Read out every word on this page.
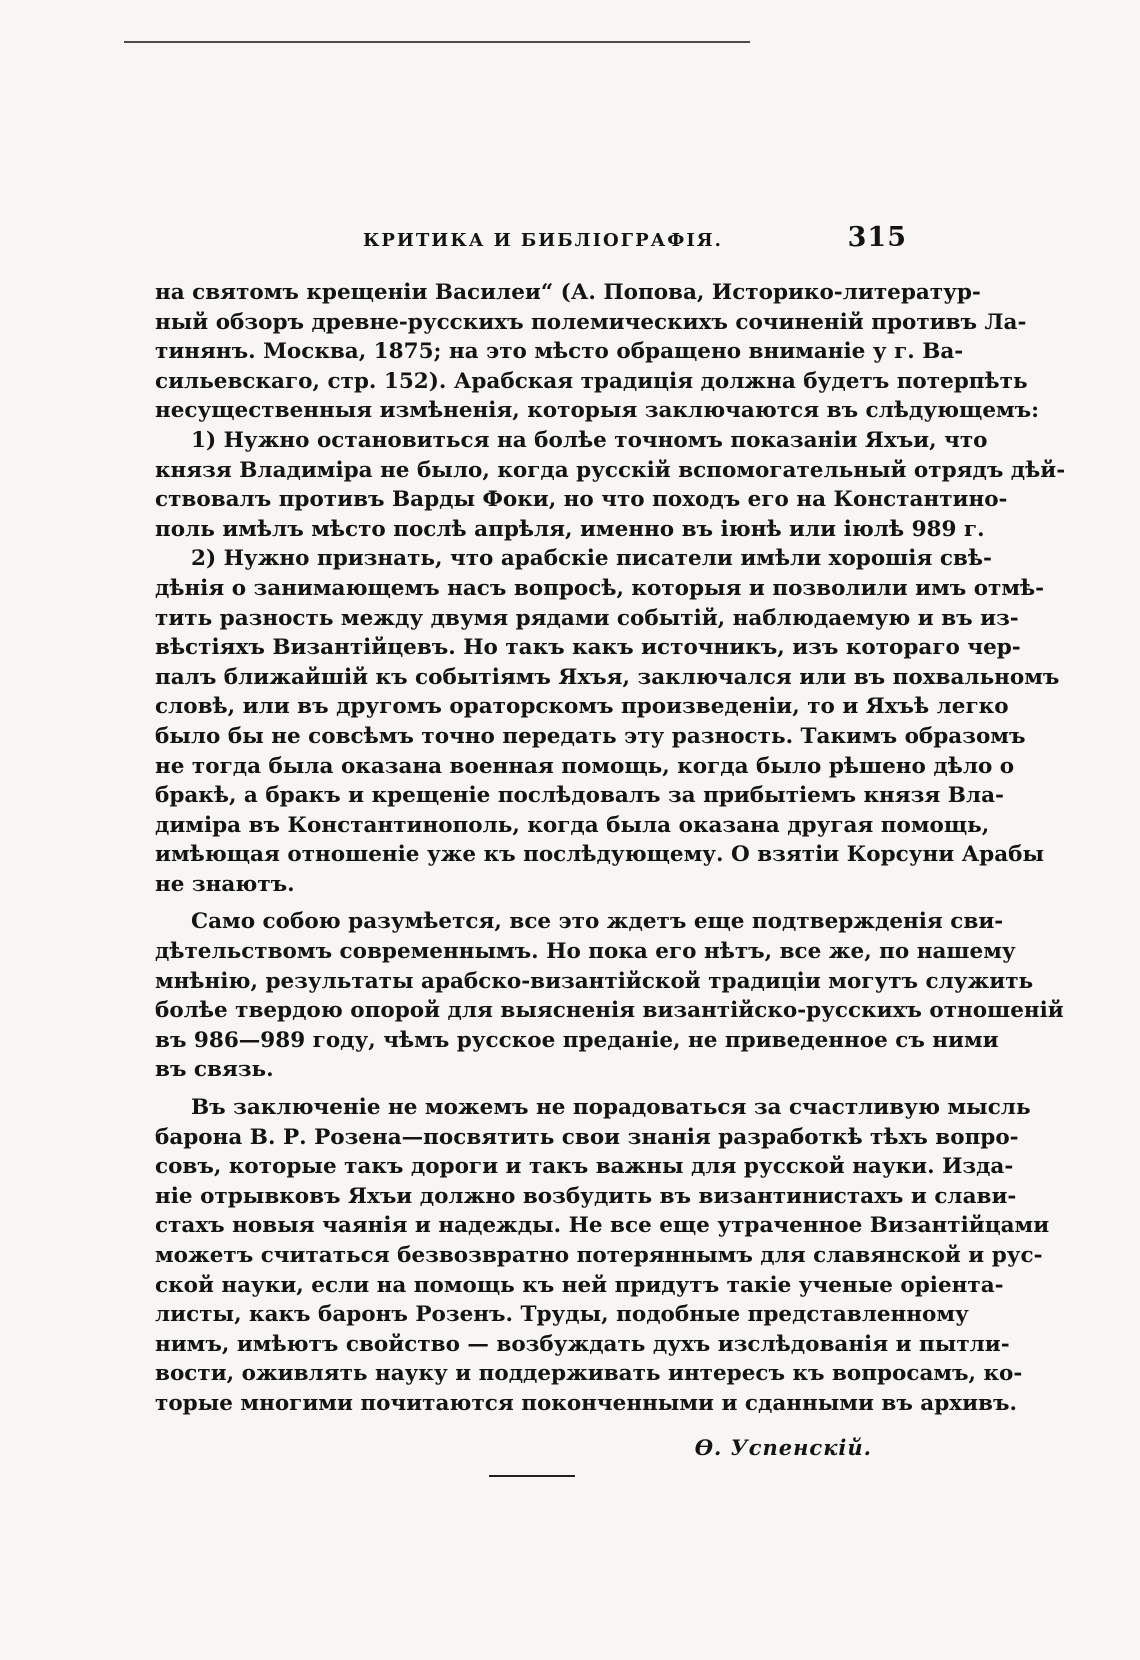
КРИТИКА И БИБЛІОГРАФІЯ.	315
на святомъ крещеніи Василеи“ (А. Попова, Историко-литератур-
ный обзоръ древне-русскихъ полемическихъ сочиненій противъ Ла-
тинянъ. Москва, 1875; на это мѣсто обращено вниманіе у г. Ва-
сильевскаго, стр. 152). Арабская традиція должна будетъ потерпѣть
несущественныя измѣненія, которыя заключаются въ слѣдующемъ:
1) Нужно остановиться на болѣе точномъ показаніи Яхъи, что
князя Владиміра не было, когда русскій вспомогательный отрядъ дѣй-
ствовалъ противъ Варды Фоки, но что походъ его на Константино-
поль имѣлъ мѣсто послѣ апрѣля, именно въ іюнѣ или іюлѣ 989 г.
2) Нужно признать, что арабскіе писатели имѣли хорошія свѣ-
дѣнія о занимающемъ насъ вопросѣ, которыя и позволили имъ отмѣ-
тить разность между двумя рядами событій, наблюдаемую и въ из-
вѣстіяхъ Византійцевъ. Но такъ какъ источникъ, изъ котораго чер-
палъ ближайшій къ событіямъ Яхъя, заключался или въ похвальномъ
словѣ, или въ другомъ ораторскомъ произведеніи, то и Яхъѣ легко
было бы не совсѣмъ точно передать эту разность. Такимъ образомъ
не тогда была оказана военная помощь, когда было рѣшено дѣло о
бракѣ, а бракъ и крещеніе послѣдовалъ за прибытіемъ князя Вла-
диміра въ Константинополь, когда была оказана другая помощь,
имѣющая отношеніе уже къ послѣдующему. О взятіи Корсуни Арабы
не знаютъ.
Само собою разумѣется, все это ждетъ еще подтвержденія сви-
дѣтельствомъ современнымъ. Но пока его нѣтъ, все же, по нашему
мнѣнію, результаты арабско-византійской традиціи могутъ служить
болѣе твердою опорой для выясненія византійско-русскихъ отношеній
въ 986—989 году, чѣмъ русское преданіе, не приведенное съ ними
въ связь.
Въ заключеніе не можемъ не порадоваться за счастливую мысль
барона В. Р. Розена—посвятить свои знанія разработкѣ тѣхъ вопро-
совъ, которые такъ дороги и такъ важны для русской науки. Изда-
ніе отрывковъ Яхъи должно возбудить въ византинистахъ и слави-
стахъ новыя чаянія и надежды. Не все еще утраченное Византійцами
можетъ считаться безвозвратно потеряннымъ для славянской и рус-
ской науки, если на помощь къ ней придутъ такіе ученые оріента-
листы, какъ баронъ Розенъ. Труды, подобные представленному
нимъ, имѣютъ свойство — возбуждать духъ изслѣдованія и пытли-
вости, оживлять науку и поддерживать интересъ къ вопросамъ, ко-
торые многими почитаются поконченными и сданными въ архивъ.
Ѳ. Успенскій.
